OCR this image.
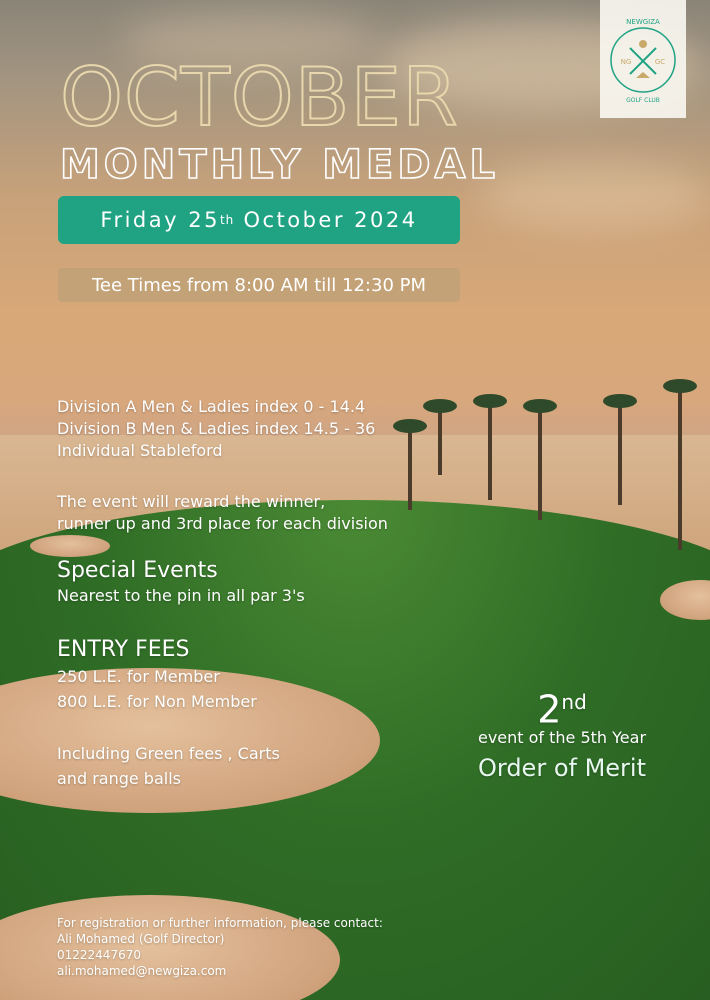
NEWGIZA
GOLF CLUB
NG	GC
OCTOBER
MONTHLY MEDAL
Friday 25 th
October 2024
Tee Times from 8:00 AM till 12:30 PM
Division A Men & Ladies index 0 - 14.4
Division B Men & Ladies index 14.5 - 36
Individual Stableford
The event will reward the winner,
runner up and 3rd place for each division
Special Events
Nearest to the pin in all par 3's
ENTRY FEES
250 L.E. for Member
800 L.E. for Non Member
Including Green fees , Carts
and range balls
2nd
event of the 5th Year
Order of Merit
For registration or further information, please contact:
Ali Mohamed (Golf Director)
01222447670
ali.mohamed@newgiza.com
